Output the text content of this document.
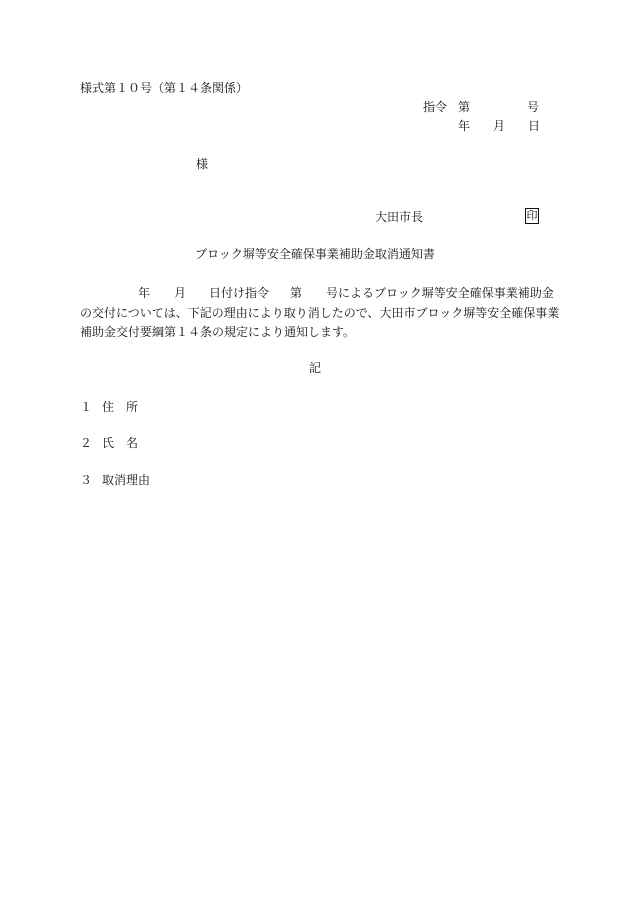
様式第１０号（第１４条関係）
指令 第	号
年 月 日
様
大田市長	印
ブロック塀等安全確保事業補助金取消通知書
年 月 日付け指令 第 号によるブロック塀等安全確保事業補助金
の交付については、下記の理由により取り消したので、大田市ブロック塀等安全確保事業
補助金交付要綱第１４条の規定により通知します。
記
１ 住　所
２ 氏　名
３ 取消理由
